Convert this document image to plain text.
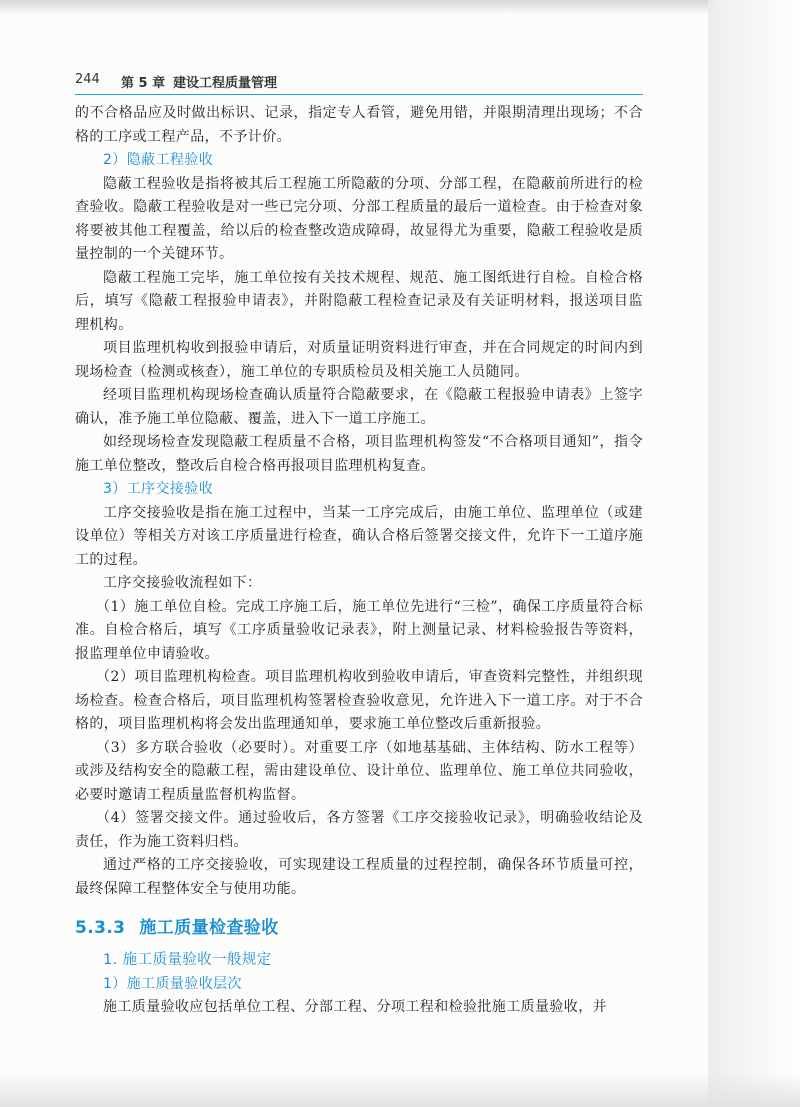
244 第 5 章 建设工程质量管理

的不合格品应及时做出标识、记录，指定专人看管，避免用错，并限期清理出现场；不合格的工序或工程产品，不予计价。

2）隐蔽工程验收

隐蔽工程验收是指将被其后工程施工所隐蔽的分项、分部工程，在隐蔽前所进行的检查验收。隐蔽工程验收是对一些已完分项、分部工程质量的最后一道检查。由于检查对象将要被其他工程覆盖，给以后的检查整改造成障碍，故显得尤为重要，隐蔽工程验收是质量控制的一个关键环节。

隐蔽工程施工完毕，施工单位按有关技术规程、规范、施工图纸进行自检。自检合格后，填写《隐蔽工程报验申请表》，并附隐蔽工程检查记录及有关证明材料，报送项目监理机构。

项目监理机构收到报验申请后，对质量证明资料进行审查，并在合同规定的时间内到现场检查（检测或核查），施工单位的专职质检员及相关施工人员随同。

经项目监理机构现场检查确认质量符合隐蔽要求，在《隐蔽工程报验申请表》上签字确认，准予施工单位隐蔽、覆盖，进入下一道工序施工。

如经现场检查发现隐蔽工程质量不合格，项目监理机构签发“不合格项目通知”，指令施工单位整改，整改后自检合格再报项目监理机构复查。

3）工序交接验收

工序交接验收是指在施工过程中，当某一工序完成后，由施工单位、监理单位（或建设单位）等相关方对该工序质量进行检查，确认合格后签署交接文件，允许下一工道序施工的过程。

工序交接验收流程如下：

（1）施工单位自检。完成工序施工后，施工单位先进行“三检”，确保工序质量符合标准。自检合格后，填写《工序质量验收记录表》，附上测量记录、材料检验报告等资料，报监理单位申请验收。

（2）项目监理机构检查。项目监理机构收到验收申请后，审查资料完整性，并组织现场检查。检查合格后，项目监理机构签署检查验收意见，允许进入下一道工序。对于不合格的，项目监理机构将会发出监理通知单，要求施工单位整改后重新报验。

（3）多方联合验收（必要时）。对重要工序（如地基基础、主体结构、防水工程等）或涉及结构安全的隐蔽工程，需由建设单位、设计单位、监理单位、施工单位共同验收，必要时邀请工程质量监督机构监督。

（4）签署交接文件。通过验收后，各方签署《工序交接验收记录》，明确验收结论及责任，作为施工资料归档。

通过严格的工序交接验收，可实现建设工程质量的过程控制，确保各环节质量可控，最终保障工程整体安全与使用功能。

5.3.3 施工质量检查验收

1. 施工质量验收一般规定

1）施工质量验收层次

施工质量验收应包括单位工程、分部工程、分项工程和检验批施工质量验收，并
